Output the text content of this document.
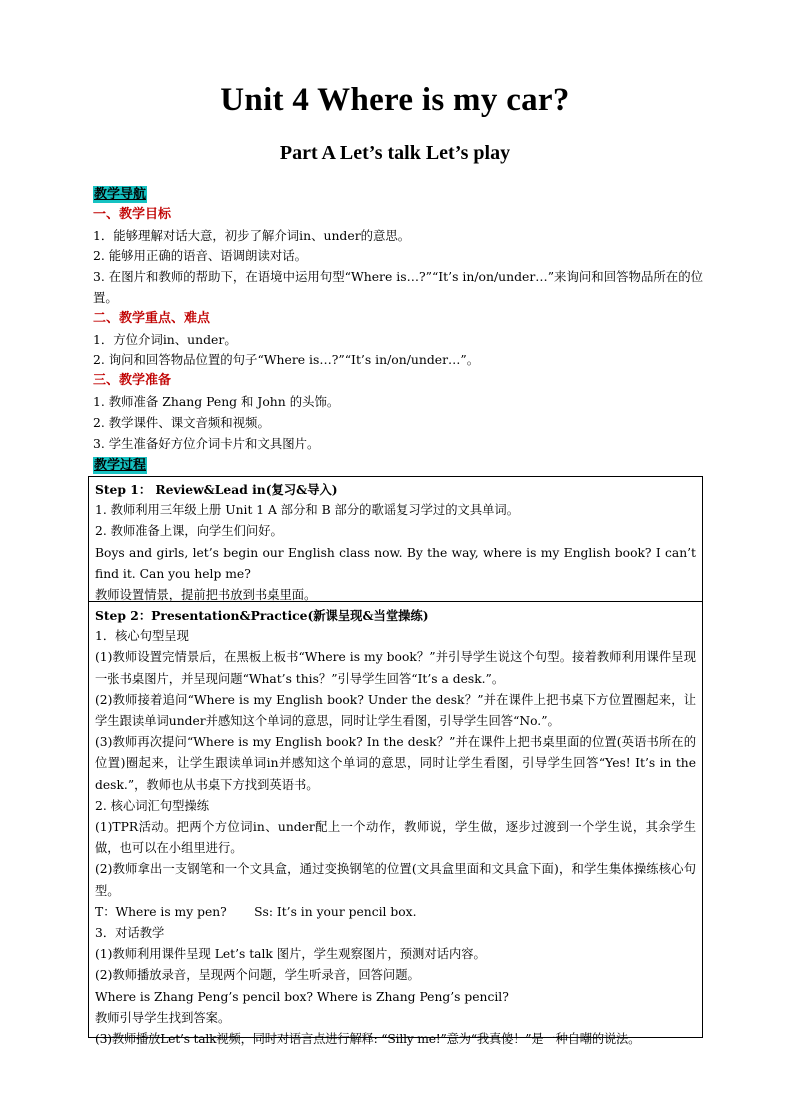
Unit 4 Where is my car?
Part A Let’s talk Let’s play

教学导航

一、教学目标

1．能够理解对话大意，初步了解介词in、under的意思。

2. 能够用正确的语音、语调朗读对话。

3. 在图片和教师的帮助下，在语境中运用句型“Where is…?”“It’s in/on/under…”来询问和回答物品所在的位置。

二、教学重点、难点

1．方位介词in、under。

2. 询问和回答物品位置的句子“Where is…?”“It’s in/on/under…”。

三、教学准备

1. 教师准备 Zhang Peng 和 John 的头饰。

2. 教学课件、课文音频和视频。

3. 学生准备好方位介词卡片和文具图片。

教学过程

Step 1： Review&Lead in(复习&导入)

1. 教师利用三年级上册 Unit 1 A 部分和 B 部分的歌谣复习学过的文具单词。

2. 教师准备上课，向学生们问好。

Boys and girls, let’s begin our English class now. By the way, where is my English book? I can’t find it. Can you help me?

教师设置情景，提前把书放到书桌里面。

Step 2：Presentation&Practice(新课呈现&当堂操练)

1．核心句型呈现

(1)教师设置完情景后，在黑板上板书“Where is my book？”并引导学生说这个句型。接着教师利用课件呈现一张书桌图片，并呈现问题“What’s this？”引导学生回答“It’s a desk.”。

(2)教师接着追问“Where is my English book? Under the desk？”并在课件上把书桌下方位置圈起来，让学生跟读单词under并感知这个单词的意思，同时让学生看图，引导学生回答“No.”。

(3)教师再次提问“Where is my English book? In the desk？”并在课件上把书桌里面的位置(英语书所在的位置)圈起来，让学生跟读单词in并感知这个单词的意思，同时让学生看图，引导学生回答“Yes! It’s in the desk.”，教师也从书桌下方找到英语书。

2. 核心词汇句型操练

(1)TPR活动。把两个方位词in、under配上一个动作，教师说，学生做，逐步过渡到一个学生说，其余学生做，也可以在小组里进行。

(2)教师拿出一支钢笔和一个文具盒，通过变换钢笔的位置(文具盒里面和文具盒下面)，和学生集体操练核心句型。

T：Where is my pen?       Ss: It’s in your pencil box.

3．对话教学

(1)教师利用课件呈现 Let’s talk 图片，学生观察图片，预测对话内容。

(2)教师播放录音，呈现两个问题，学生听录音，回答问题。

Where is Zhang Peng’s pencil box? Where is Zhang Peng’s pencil?

教师引导学生找到答案。

(3)教师播放Let’s talk视频，同时对语言点进行解释: “Silly me!”意为“我真傻！”是一种自嘲的说法。
